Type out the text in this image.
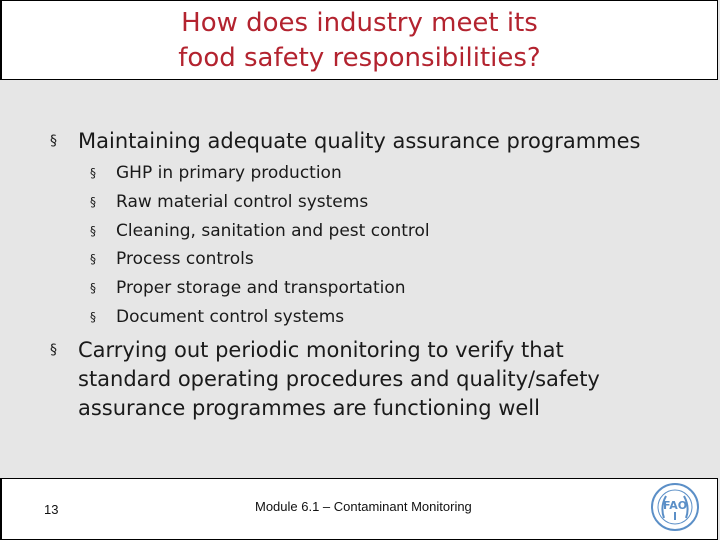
How does industry meet its
food safety responsibilities?
§ Maintaining adequate quality assurance programmes
§ GHP in primary production
§ Raw material control systems
§ Cleaning, sanitation and pest control
§ Process controls
§ Proper storage and transportation
§ Document control systems
§ Carrying out periodic monitoring to verify that
standard operating procedures and quality/safety
assurance programmes are functioning well
13	Module 6.1 – Contaminant Monitoring	FAO
